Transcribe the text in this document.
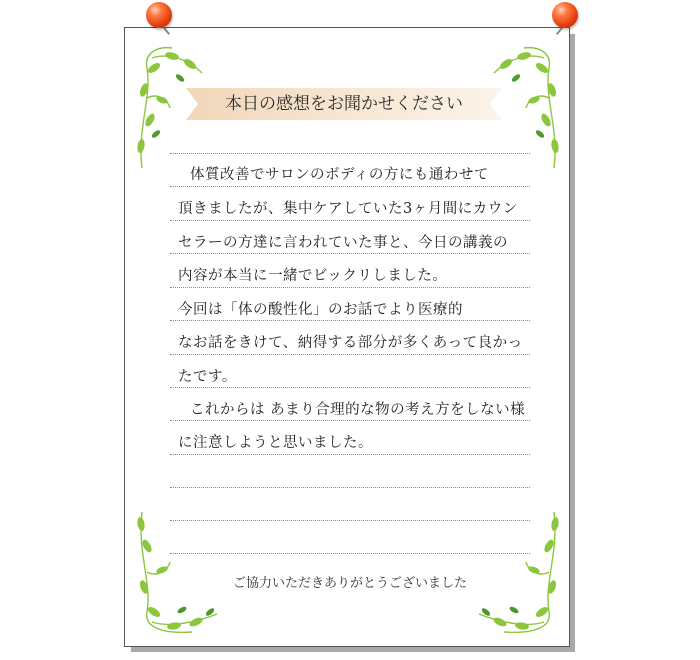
本日の感想をお聞かせください
体質改善でサロンのボディの方にも通わせて
頂きましたが、集中ケアしていた3ヶ月間にカウン
セラーの方達に言われていた事と、今日の講義の
内容が本当に一緒でビックリしました。
今回は「体の酸性化」のお話でより医療的
なお話をきけて、納得する部分が多くあって良かっ
たです。
これからは あまり合理的な物の考え方をしない様
に注意しようと思いました。
ご協力いただきありがとうございました
